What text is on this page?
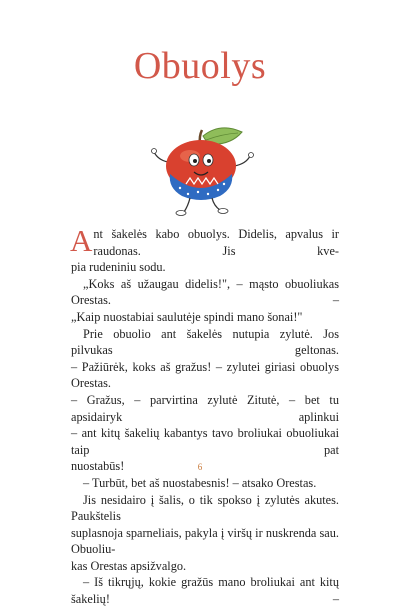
Obuolys

Ant šakelės kabo obuolys. Didelis, apvalus ir raudonas. Jis kve-

pia rudeniniu sodu.

„Koks aš užaugau didelis!", – mąsto obuoliukas Orestas. –

„Kaip nuostabiai saulutėje spindi mano šonai!"

Prie obuolio ant šakelės nutupia zylutė. Jos pilvukas geltonas.

– Pažiūrėk, koks aš gražus! – zylutei giriasi obuolys Orestas.

– Gražus, – parvirtina zylutė Zitutė, – bet tu apsidairyk aplinkui

– ant kitų šakelių kabantys tavo broliukai obuoliukai taip pat

nuostabūs!

– Turbūt, bet aš nuostabesnis! – atsako Orestas.

Jis nesidairo į šalis, o tik spokso į zylutės akutes. Paukštelis

suplasnoja sparneliais, pakyla į viršų ir nuskrenda sau. Obuoliu-

kas Orestas apsižvalgo.

– Iš tikrųjų, kokie gražūs mano broliukai ant kitų šakelių! –

6
